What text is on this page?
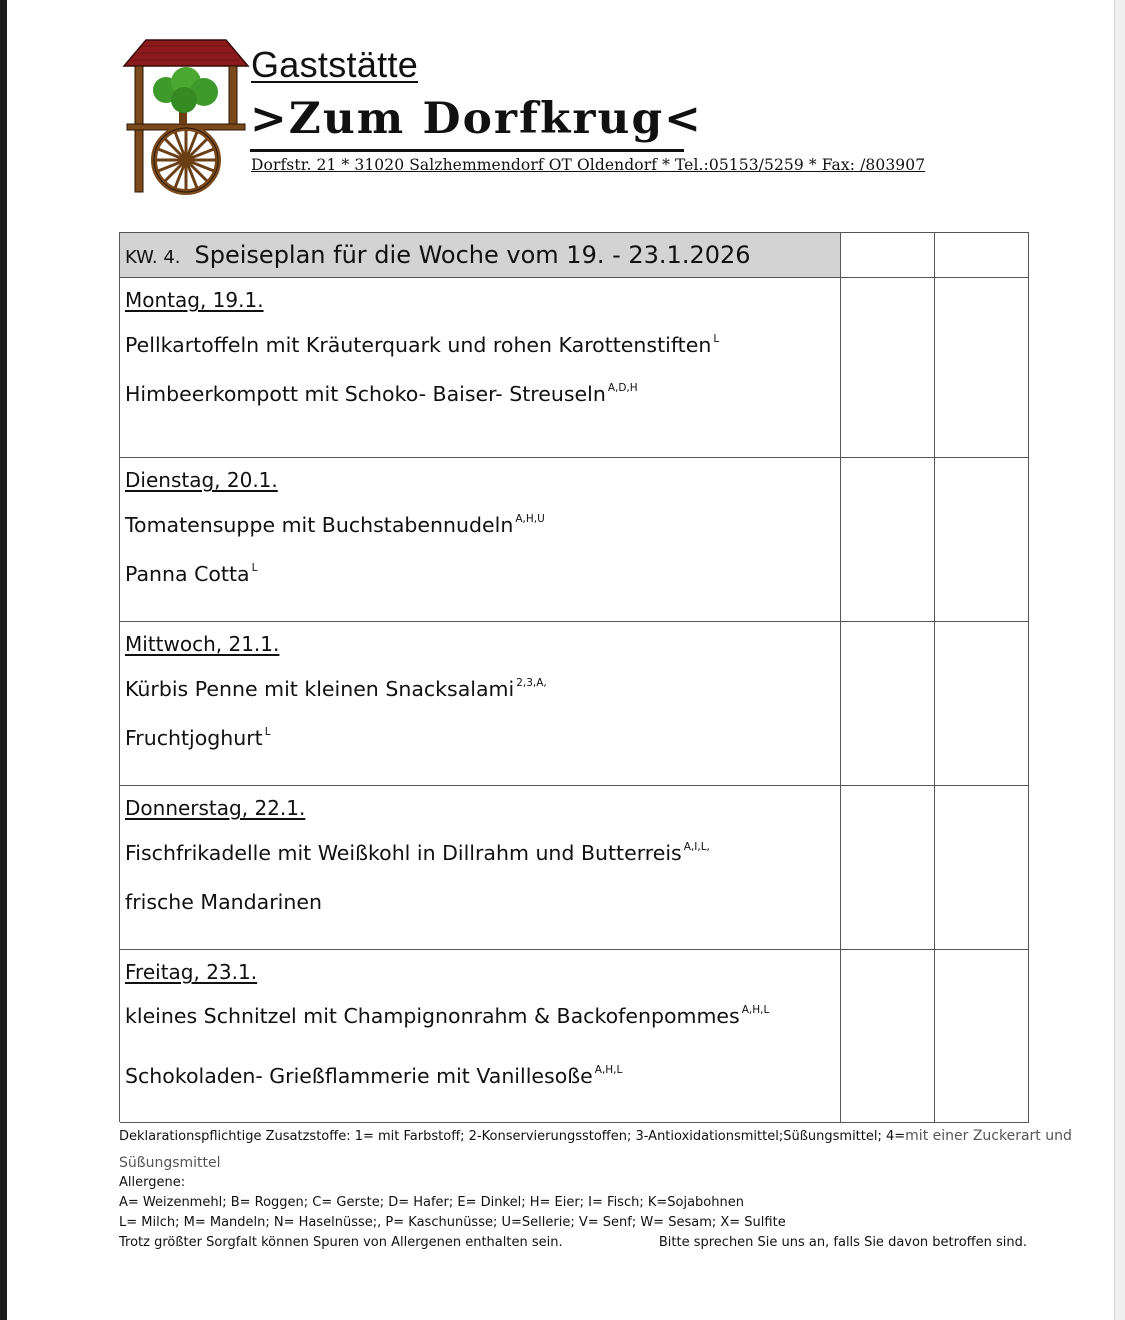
Gaststätte
>Zum Dorfkrug<
Dorfstr. 21 * 31020 Salzhemmendorf OT Oldendorf * Tel.:05153/5259 * Fax: /803907
KW. 4. Speiseplan für die Woche vom 19. - 23.1.2026
Montag, 19.1.
Pellkartoffeln mit Kräuterquark und rohen Karottenstiften $^L$
Himbeerkompott mit Schoko- Baiser- Streuseln $^{A,D,H}$
Dienstag, 20.1.
Tomatensuppe mit Buchstabennudeln $^{A,H,U}$
Panna Cotta $^L$
Mittwoch, 21.1.
Kürbis Penne mit kleinen Snacksalami $^{2,3,A,}$
Fruchtjoghurt $^L$
Donnerstag, 22.1.
Fischfrikadelle mit Weißkohl in Dillrahm und Butterreis $^{A,I,L,}$
frische Mandarinen
Freitag, 23.1.
kleines Schnitzel mit Champignonrahm & Backofenpommes $^{A,H,L}$
Schokoladen- Grießflammerie mit Vanillesoße $^{A,H,L}$
Deklarationspflichtige Zusatzstoffe: 1= mit Farbstoff; 2-Konservierungsstoffen; 3-Antioxidationsmittel;Süßungsmittel; 4=mit einer Zuckerart und
Süßungsmittel
Allergene:
A= Weizenmehl; B= Roggen; C= Gerste; D= Hafer; E= Dinkel; H= Eier; I= Fisch; K=Sojabohnen
L= Milch; M= Mandeln; N= Haselnüsse;, P= Kaschunüsse; U=Sellerie; V= Senf; W= Sesam; X= Sulfite
Trotz größter Sorgfalt können Spuren von Allergenen enthalten sein.	Bitte sprechen Sie uns an, falls Sie davon betroffen sind.
